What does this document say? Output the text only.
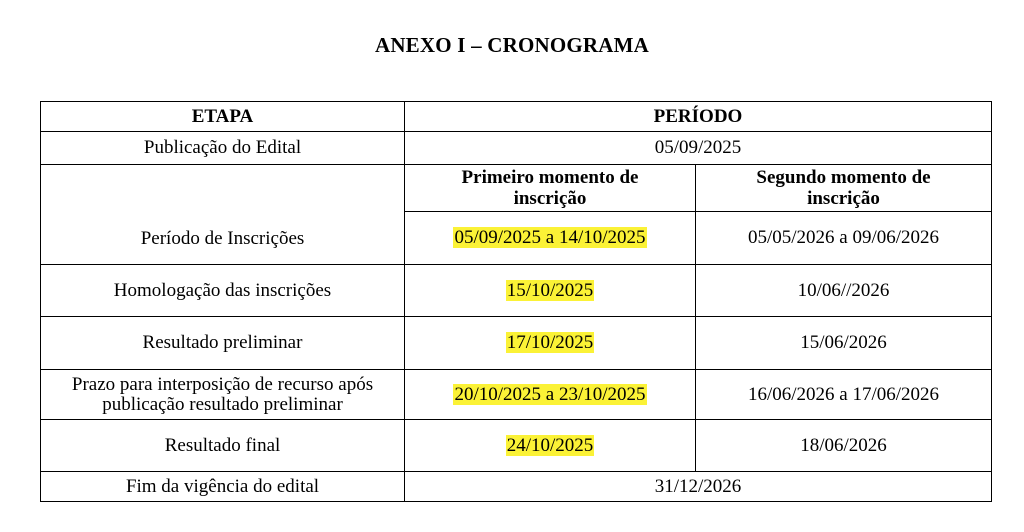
ANEXO I – CRONOGRAMA
ETAPA	PERÍODO	
Publicação do Edital	05/09/2025	
Período de Inscrições	Primeiro momento de inscrição	Segundo momento de inscrição
	05/09/2025 a 14/10/2025	05/05/2026 a 09/06/2026
Homologação das inscrições	15/10/2025	10/06//2026
Resultado preliminar	17/10/2025	15/06/2026

Prazo para interposição de recurso após
publicação resultado preliminar	20/10/2025 a 23/10/2025	16/06/2026 a 17/06/2026
Resultado final	24/10/2025	18/06/2026
Fim da vigência do edital	31/12/2026	
